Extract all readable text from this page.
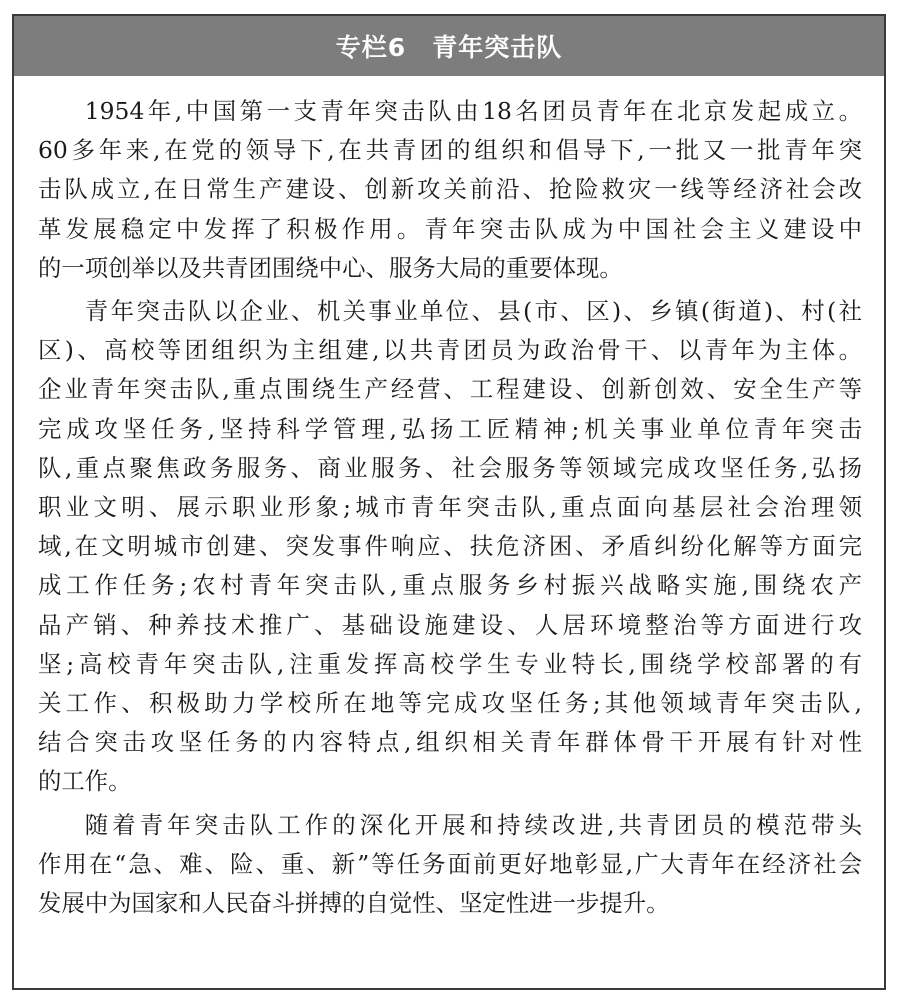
专栏6　青年突击队

1954年,中国第一支青年突击队由18名团员青年在北京发起成立。
60多年来,在党的领导下,在共青团的组织和倡导下,一批又一批青年突
击队成立,在日常生产建设、创新攻关前沿、抢险救灾一线等经济社会改
革发展稳定中发挥了积极作用。青年突击队成为中国社会主义建设中
的一项创举以及共青团围绕中心、服务大局的重要体现。

青年突击队以企业、机关事业单位、县(市、区)、乡镇(街道)、村(社
区)、高校等团组织为主组建,以共青团员为政治骨干、以青年为主体。
企业青年突击队,重点围绕生产经营、工程建设、创新创效、安全生产等
完成攻坚任务,坚持科学管理,弘扬工匠精神;机关事业单位青年突击
队,重点聚焦政务服务、商业服务、社会服务等领域完成攻坚任务,弘扬
职业文明、展示职业形象;城市青年突击队,重点面向基层社会治理领
域,在文明城市创建、突发事件响应、扶危济困、矛盾纠纷化解等方面完
成工作任务;农村青年突击队,重点服务乡村振兴战略实施,围绕农产
品产销、种养技术推广、基础设施建设、人居环境整治等方面进行攻
坚;高校青年突击队,注重发挥高校学生专业特长,围绕学校部署的有
关工作、积极助力学校所在地等完成攻坚任务;其他领域青年突击队,
结合突击攻坚任务的内容特点,组织相关青年群体骨干开展有针对性
的工作。

随着青年突击队工作的深化开展和持续改进,共青团员的模范带头
作用在“急、难、险、重、新”等任务面前更好地彰显,广大青年在经济社会
发展中为国家和人民奋斗拼搏的自觉性、坚定性进一步提升。
